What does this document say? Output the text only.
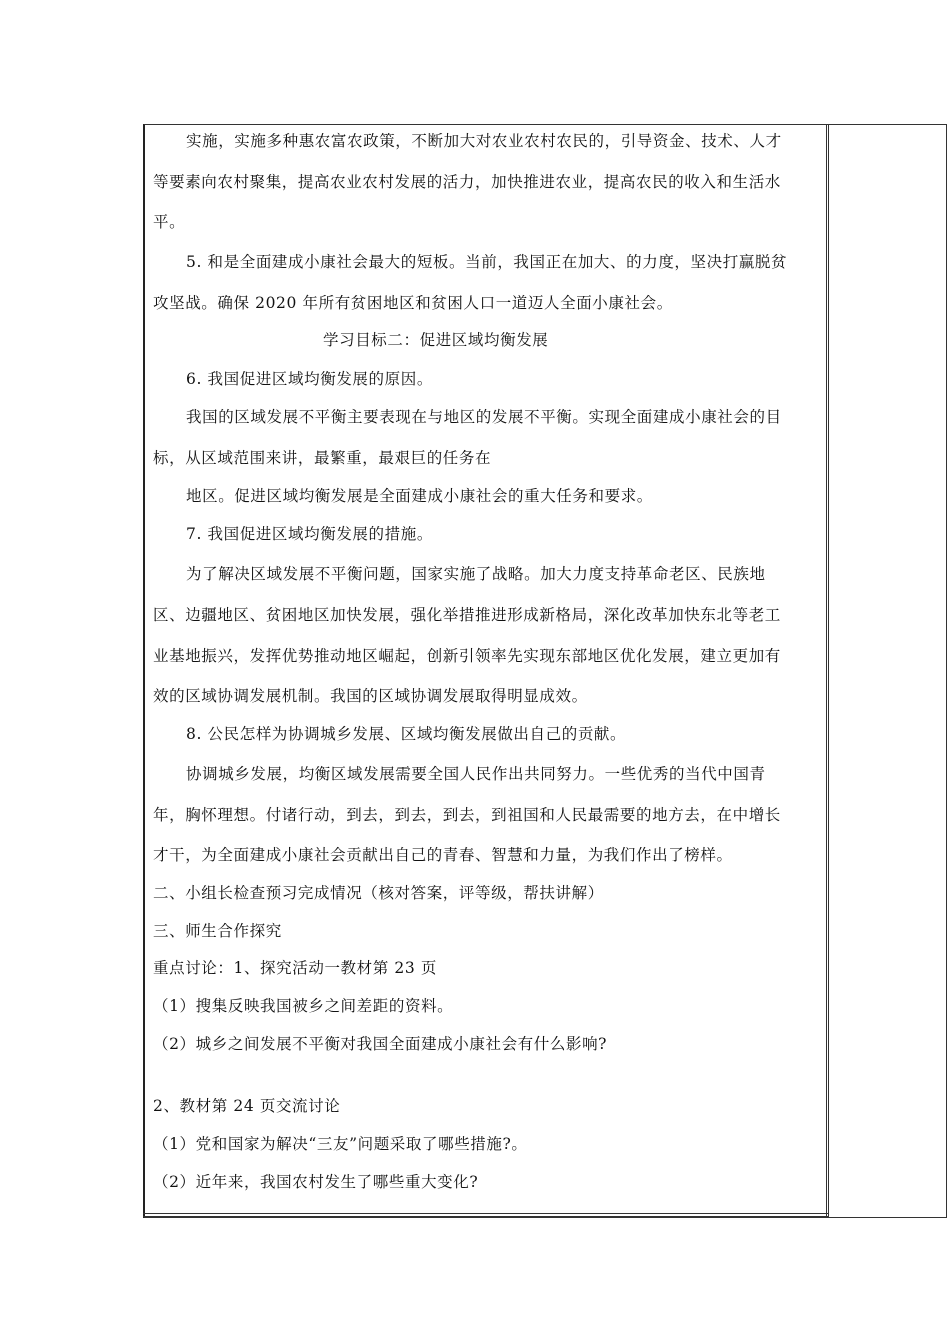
实施，实施多种惠农富农政策，不断加大对农业农村农民的，引导资金、技术、人才
等要素向农村聚集，提高农业农村发展的活力，加快推进农业，提高农民的收入和生活水
平。
5. 和是全面建成小康社会最大的短板。当前，我国正在加大、的力度，坚决打赢脱贫
攻坚战。确保 2020 年所有贫困地区和贫困人口一道迈人全面小康社会。
学习目标二：促进区域均衡发展
6. 我国促进区域均衡发展的原因。
我国的区域发展不平衡主要表现在与地区的发展不平衡。实现全面建成小康社会的目
标，从区域范围来讲，最繁重，最艰巨的任务在
地区。促进区域均衡发展是全面建成小康社会的重大任务和要求。
7. 我国促进区域均衡发展的措施。
为了解决区域发展不平衡问题，国家实施了战略。加大力度支持革命老区、民族地
区、边疆地区、贫困地区加快发展，强化举措推进形成新格局，深化改革加快东北等老工
业基地振兴，发挥优势推动地区崛起，创新引领率先实现东部地区优化发展，建立更加有
效的区域协调发展机制。我国的区域协调发展取得明显成效。
8. 公民怎样为协调城乡发展、区域均衡发展做出自己的贡献。
协调城乡发展，均衡区域发展需要全国人民作出共同努力。一些优秀的当代中国青
年，胸怀理想。付诸行动，到去，到去，到去，到祖国和人民最需要的地方去，在中增长
才干，为全面建成小康社会贡献出自己的青春、智慧和力量，为我们作出了榜样。
二、小组长检查预习完成情况（核对答案，评等级，帮扶讲解）
三、师生合作探究
重点讨论：1、探究活动一教材第 23 页
（1）搜集反映我国被乡之间差距的资料。
（2）城乡之间发展不平衡对我国全面建成小康社会有什么影响?
2、教材第 24 页交流讨论
（1）党和国家为解决“三友”问题采取了哪些措施?。
（2）近年来，我国农村发生了哪些重大变化?
